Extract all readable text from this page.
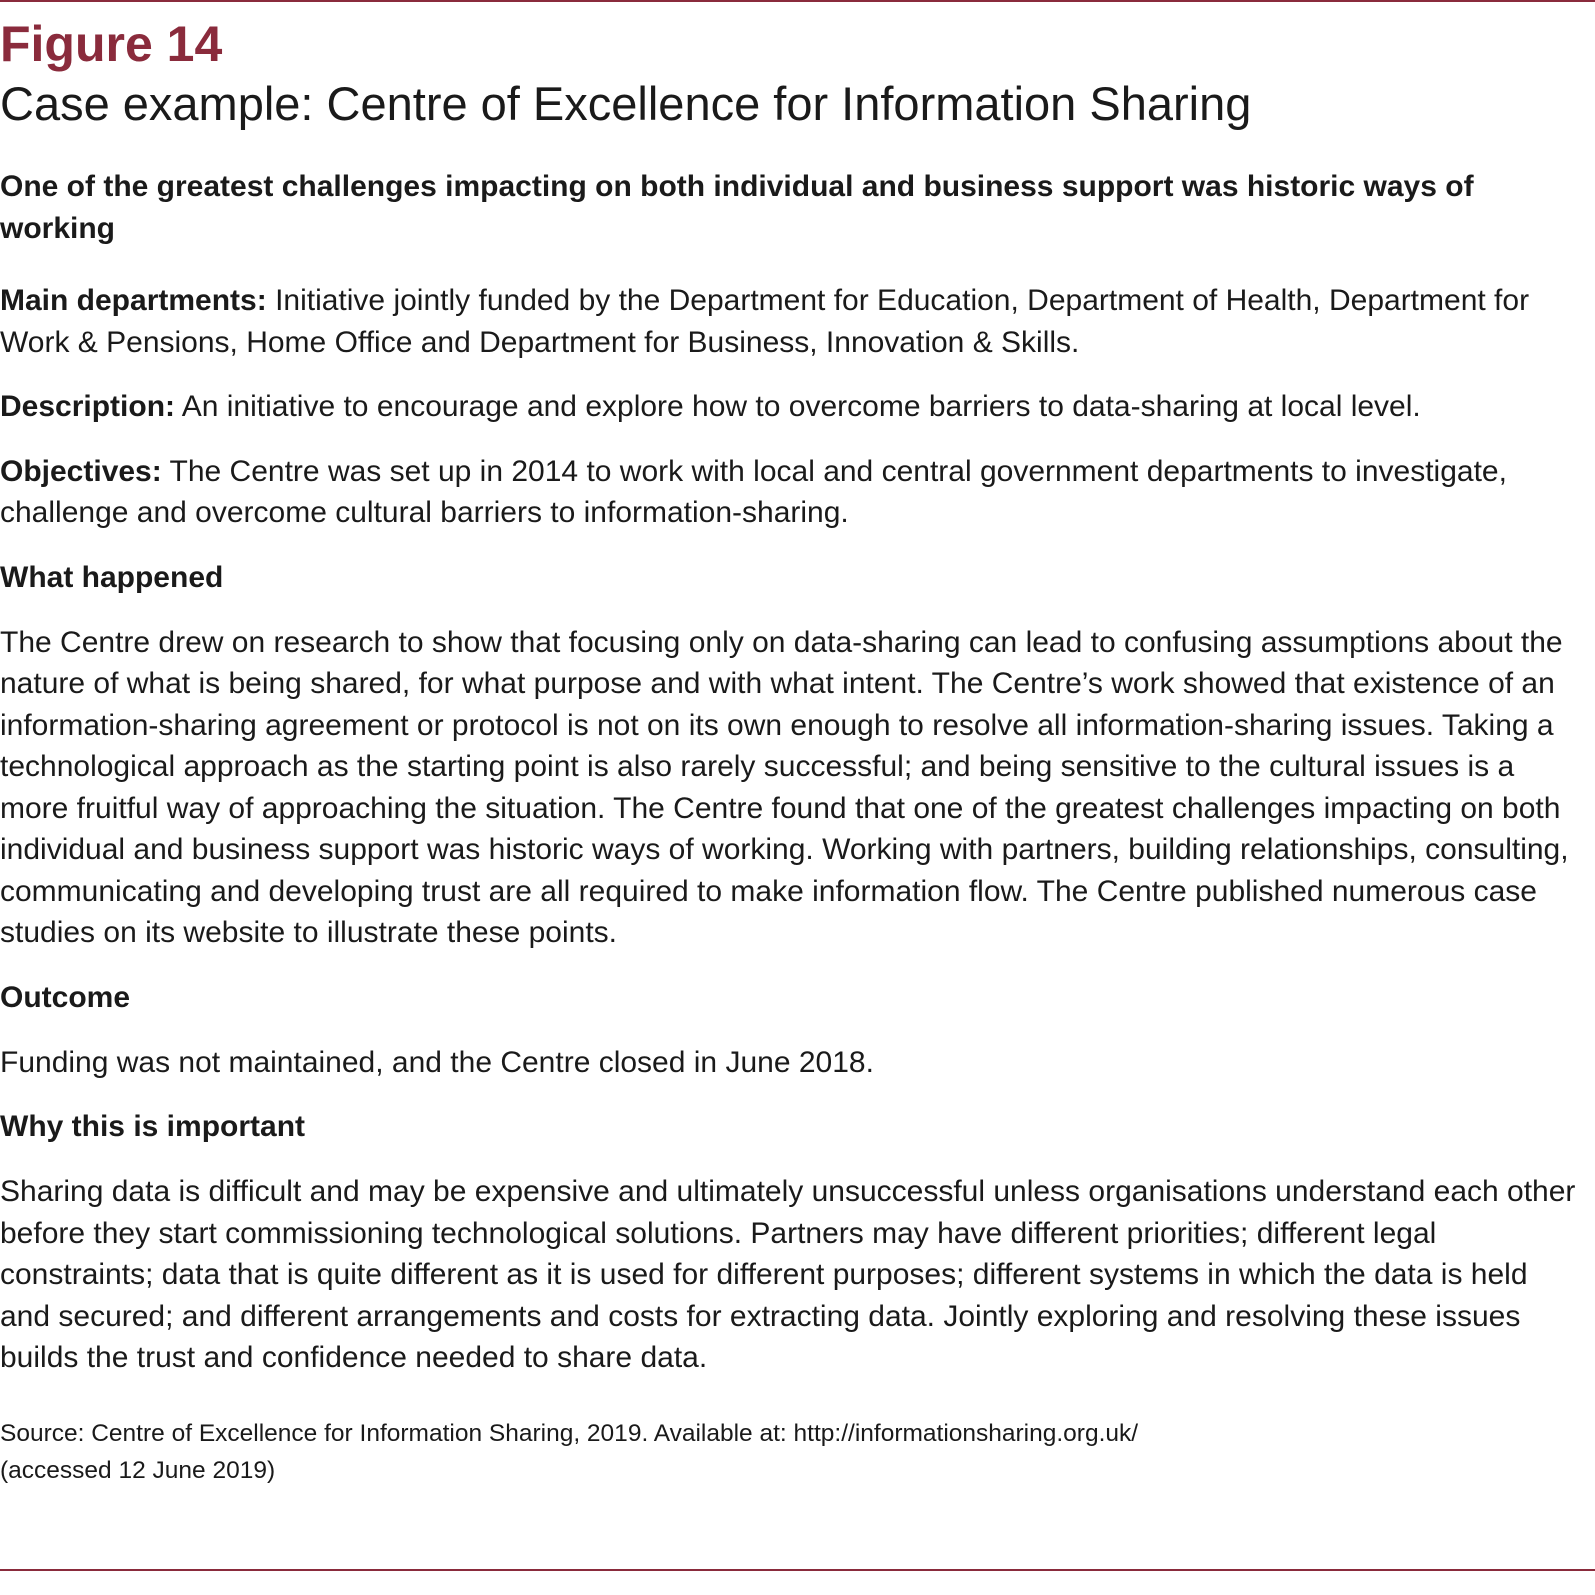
Figure 14
Case example: Centre of Excellence for Information Sharing

One of the greatest challenges impacting on both individual and business support was historic ways of working

Main departments: Initiative jointly funded by the Department for Education, Department of Health, Department for Work & Pensions, Home Office and Department for Business, Innovation & Skills.

Description: An initiative to encourage and explore how to overcome barriers to data-sharing at local level.

Objectives: The Centre was set up in 2014 to work with local and central government departments to investigate, challenge and overcome cultural barriers to information-sharing.

What happened

The Centre drew on research to show that focusing only on data-sharing can lead to confusing assumptions about the nature of what is being shared, for what purpose and with what intent. The Centre’s work showed that existence of an information-sharing agreement or protocol is not on its own enough to resolve all information-sharing issues. Taking a technological approach as the starting point is also rarely successful; and being sensitive to the cultural issues is a more fruitful way of approaching the situation. The Centre found that one of the greatest challenges impacting on both individual and business support was historic ways of working. Working with partners, building relationships, consulting, communicating and developing trust are all required to make information flow. The Centre published numerous case studies on its website to illustrate these points.

Outcome

Funding was not maintained, and the Centre closed in June 2018.

Why this is important

Sharing data is difficult and may be expensive and ultimately unsuccessful unless organisations understand each other before they start commissioning technological solutions. Partners may have different priorities; different legal constraints; data that is quite different as it is used for different purposes; different systems in which the data is held and secured; and different arrangements and costs for extracting data. Jointly exploring and resolving these issues builds the trust and confidence needed to share data.

Source: Centre of Excellence for Information Sharing, 2019. Available at: http://informationsharing.org.uk/
(accessed 12 June 2019)
